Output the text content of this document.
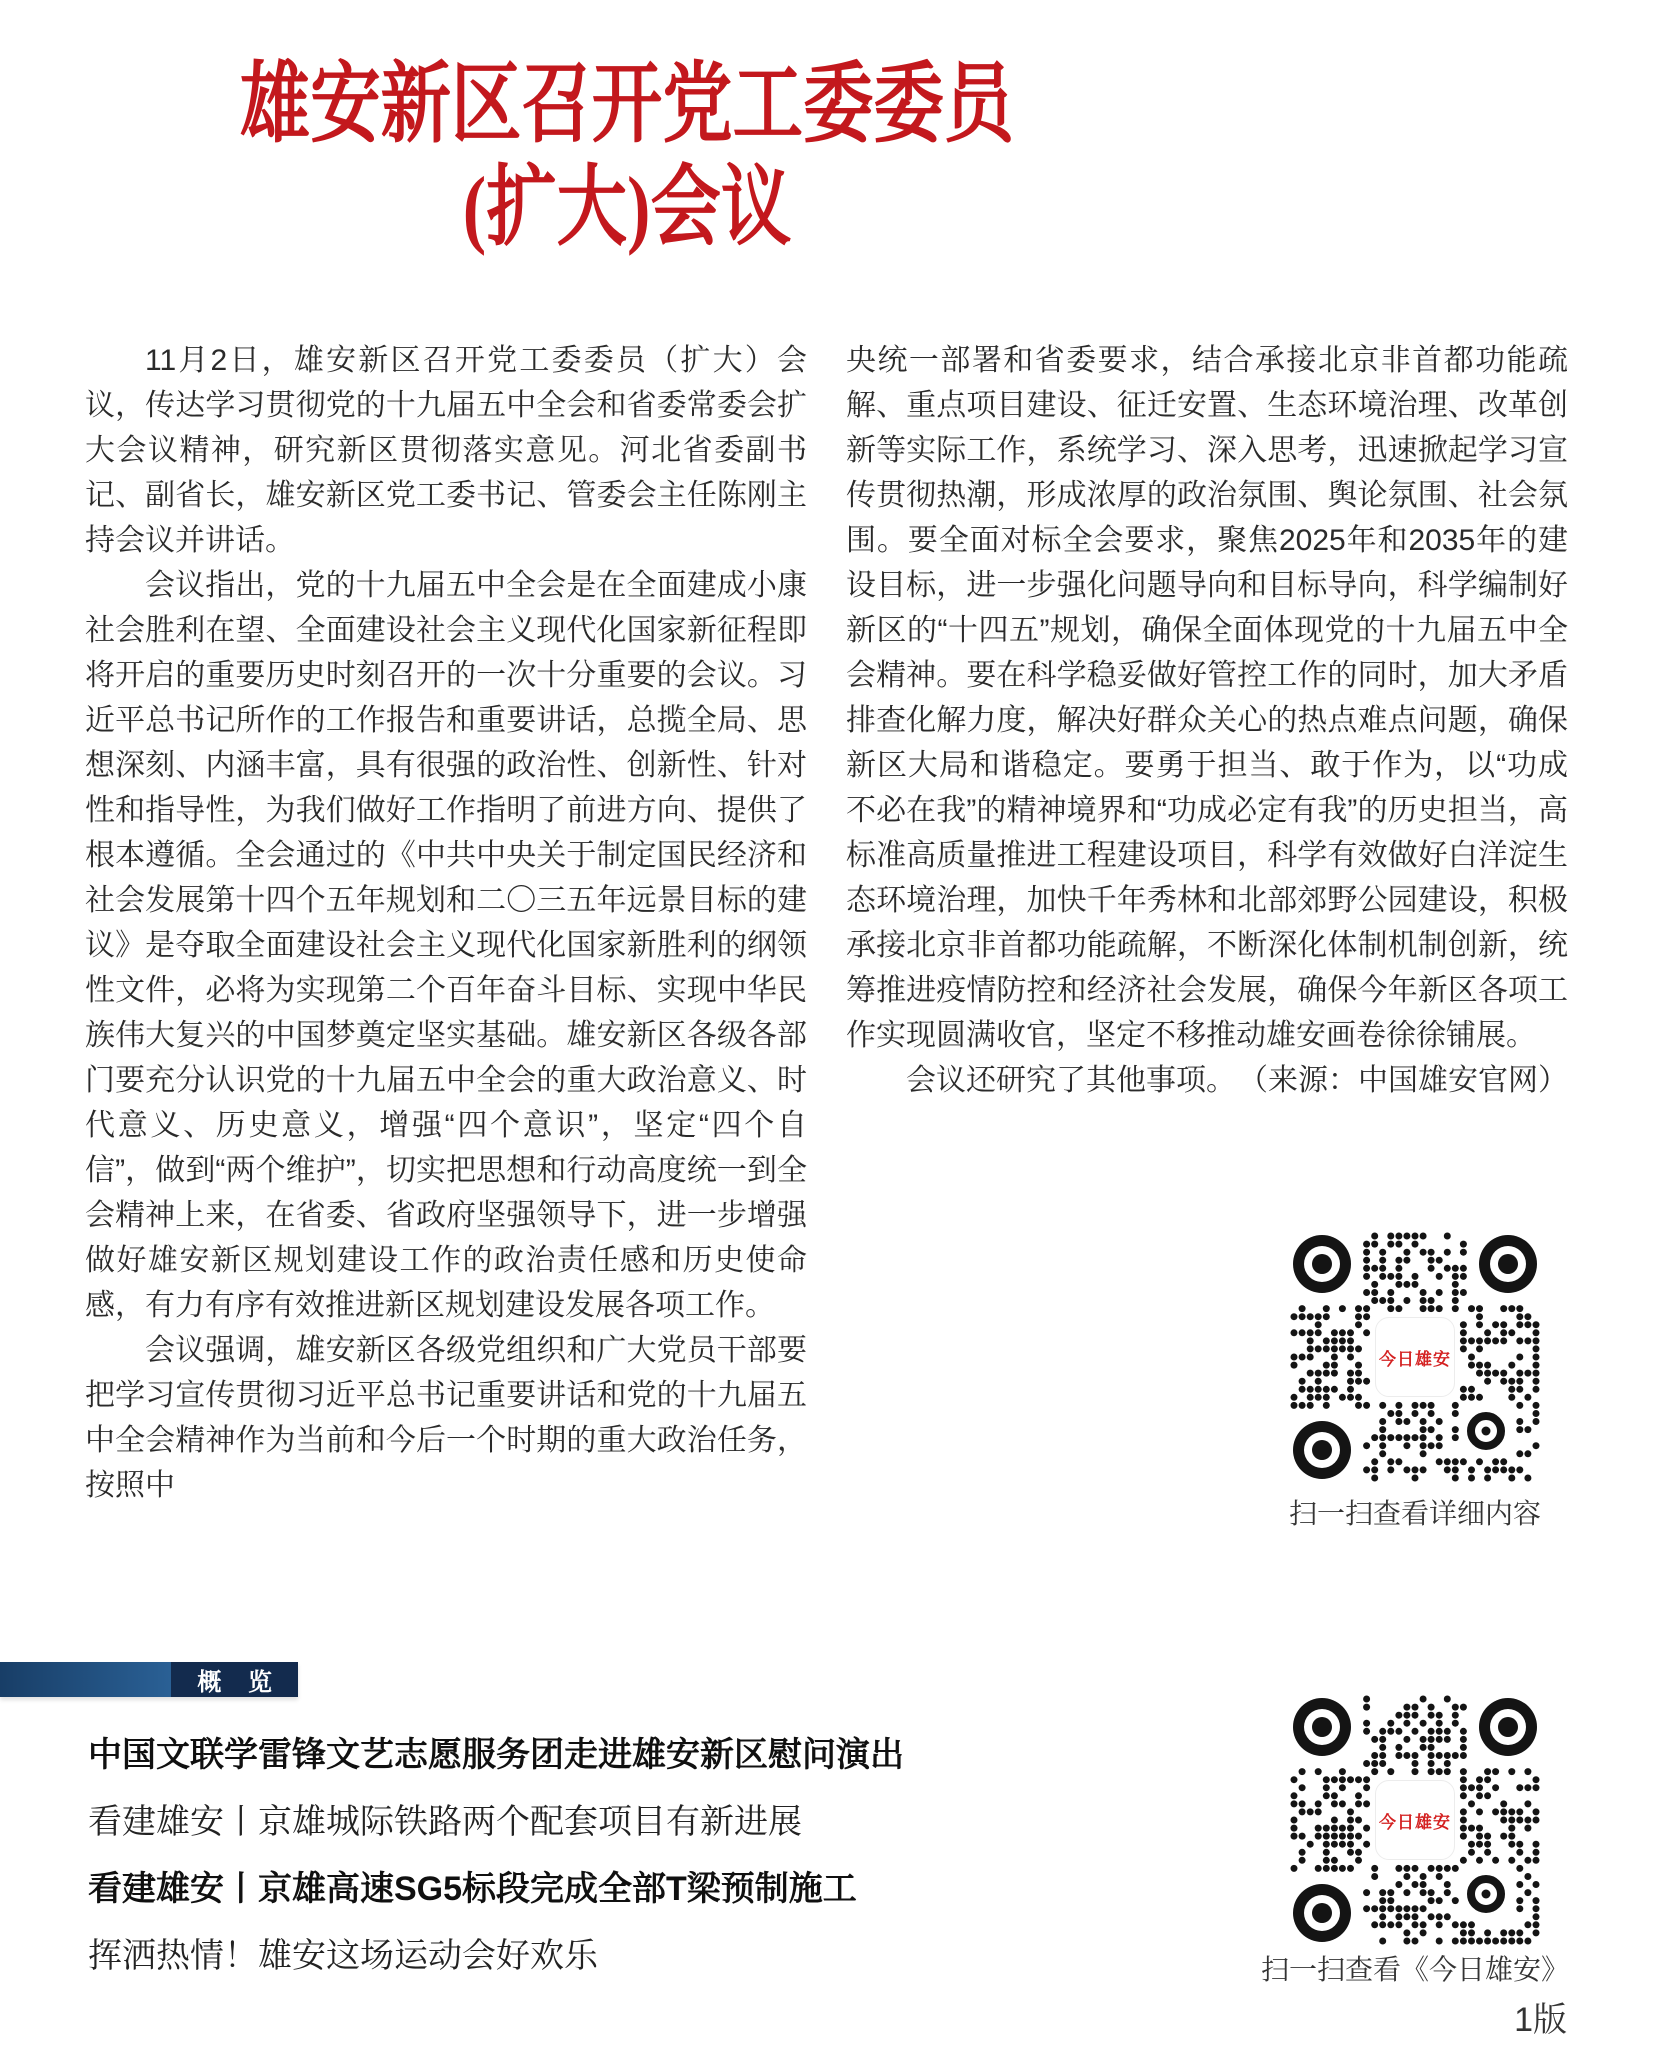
雄安新区召开党工委委员
(扩大)会议

11月2日，雄安新区召开党工委委员（扩大）会议，传达学习贯彻党的十九届五中全会和省委常委会扩大会议精神，研究新区贯彻落实意见。河北省委副书记、副省长，雄安新区党工委书记、管委会主任陈刚主持会议并讲话。

会议指出，党的十九届五中全会是在全面建成小康社会胜利在望、全面建设社会主义现代化国家新征程即将开启的重要历史时刻召开的一次十分重要的会议。习近平总书记所作的工作报告和重要讲话，总揽全局、思想深刻、内涵丰富，具有很强的政治性、创新性、针对性和指导性，为我们做好工作指明了前进方向、提供了根本遵循。全会通过的《中共中央关于制定国民经济和社会发展第十四个五年规划和二〇三五年远景目标的建议》是夺取全面建设社会主义现代化国家新胜利的纲领性文件，必将为实现第二个百年奋斗目标、实现中华民族伟大复兴的中国梦奠定坚实基础。雄安新区各级各部门要充分认识党的十九届五中全会的重大政治意义、时代意义、历史意义，增强“四个意识”，坚定“四个自信”，做到“两个维护”，切实把思想和行动高度统一到全会精神上来，在省委、省政府坚强领导下，进一步增强做好雄安新区规划建设工作的政治责任感和历史使命感，有力有序有效推进新区规划建设发展各项工作。

会议强调，雄安新区各级党组织和广大党员干部要把学习宣传贯彻习近平总书记重要讲话和党的十九届五中全会精神作为当前和今后一个时期的重大政治任务，按照中

央统一部署和省委要求，结合承接北京非首都功能疏解、重点项目建设、征迁安置、生态环境治理、改革创新等实际工作，系统学习、深入思考，迅速掀起学习宣传贯彻热潮，形成浓厚的政治氛围、舆论氛围、社会氛围。要全面对标全会要求，聚焦2025年和2035年的建设目标，进一步强化问题导向和目标导向，科学编制好新区的“十四五”规划，确保全面体现党的十九届五中全会精神。要在科学稳妥做好管控工作的同时，加大矛盾排查化解力度，解决好群众关心的热点难点问题，确保新区大局和谐稳定。要勇于担当、敢于作为，以“功成不必在我”的精神境界和“功成必定有我”的历史担当，高标准高质量推进工程建设项目，科学有效做好白洋淀生态环境治理，加快千年秀林和北部郊野公园建设，积极承接北京非首都功能疏解，不断深化体制机制创新，统筹推进疫情防控和经济社会发展，确保今年新区各项工作实现圆满收官，坚定不移推动雄安画卷徐徐铺展。

会议还研究了其他事项。 （来源：中国雄安官网）
今日雄安
扫一扫查看详细内容
概 览
中国文联学雷锋文艺志愿服务团走进雄安新区慰问演出
看建雄安丨京雄城际铁路两个配套项目有新进展
看建雄安丨京雄高速SG5标段完成全部T梁预制施工
挥洒热情！雄安这场运动会好欢乐
今日雄安
扫一扫查看《今日雄安》
1版
